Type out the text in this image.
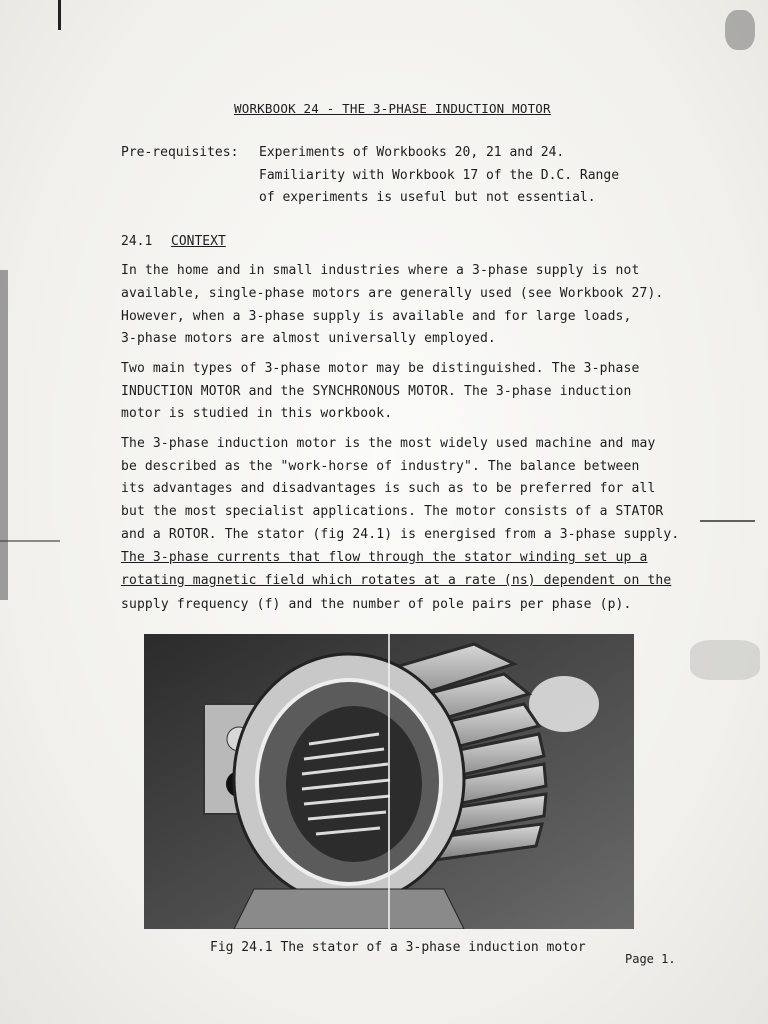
WORKBOOK 24 - THE 3-PHASE INDUCTION MOTOR
Pre-requisites: Experiments of Workbooks 20, 21 and 24.
Familiarity with Workbook 17 of the D.C. Range
of experiments is useful but not essential.
24.1 CONTEXT
In the home and in small industries where a 3-phase supply is not
available, single-phase motors are generally used (see Workbook 27).
However, when a 3-phase supply is available and for large loads,
3-phase motors are almost universally employed.
Two main types of 3-phase motor may be distinguished. The 3-phase
INDUCTION MOTOR and the SYNCHRONOUS MOTOR. The 3-phase induction
motor is studied in this workbook.
The 3-phase induction motor is the most widely used machine and may
be described as the "work-horse of industry". The balance between
its advantages and disadvantages is such as to be preferred for all
but the most specialist applications. The motor consists of a STATOR
and a ROTOR. The stator (fig 24.1) is energised from a 3-phase supply.
The 3-phase currents that flow through the stator winding set up a
rotating magnetic field which rotates at a rate (ns) dependent on the
supply frequency (f) and the number of pole pairs per phase (p).
Fig 24.1 The stator of a 3-phase induction motor
Page 1.
